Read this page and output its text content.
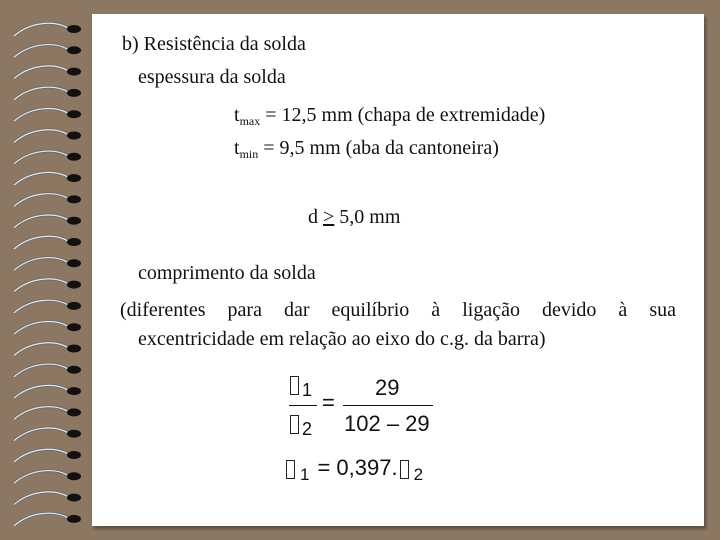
b) Resistência da solda
espessura da solda
$t_{max} = 12,5$ mm (chapa de extremidade)
$t_{min} = 9,5$ mm (aba da cantoneira)
d > 5,0 mm
comprimento da solda
(diferentes para dar equilíbrio à ligação devido à sua
excentricidade em relação ao eixo do c.g. da barra)
1
2
=
29
102 – 29
$_1$ = 0,397. $_2$
